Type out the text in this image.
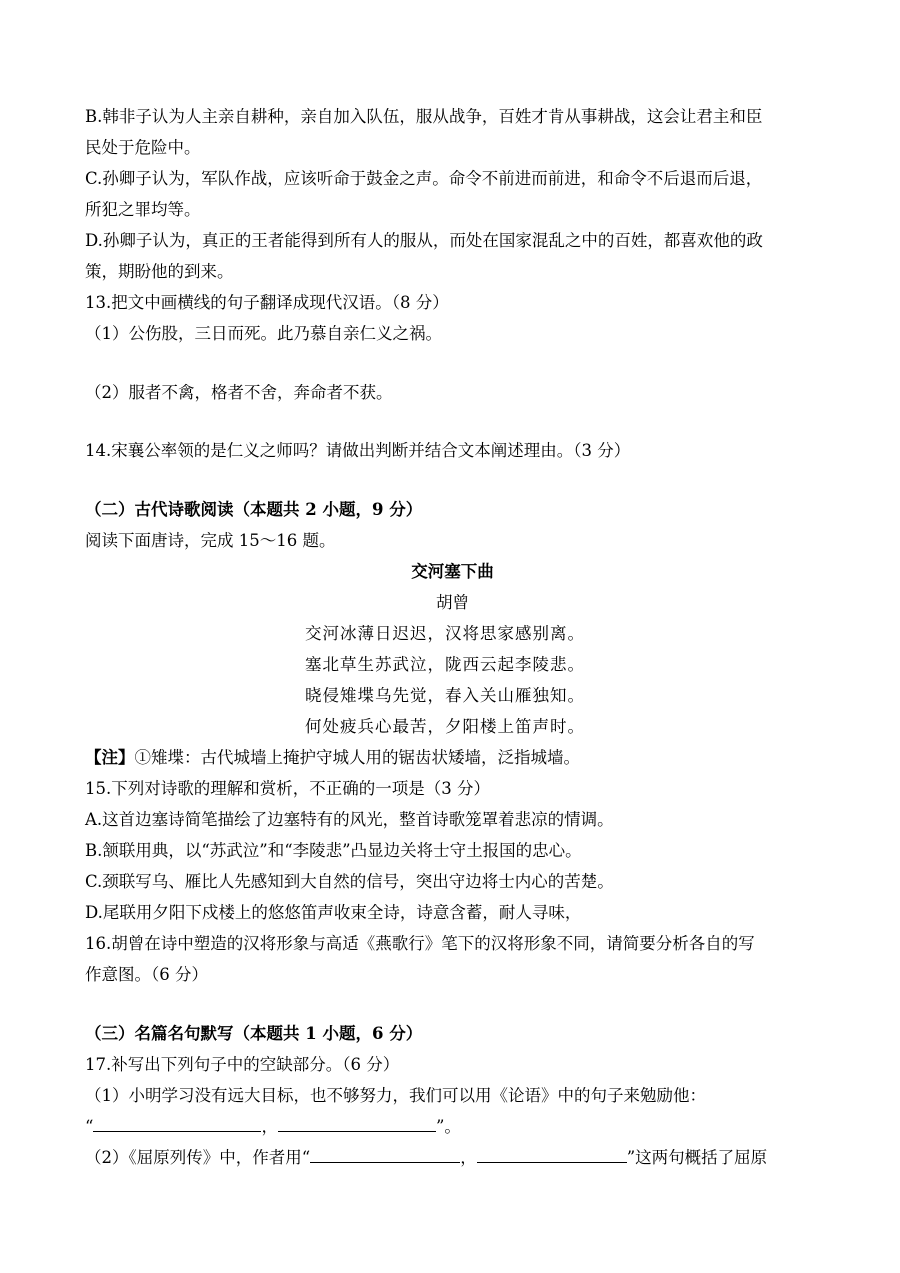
B.韩非子认为人主亲自耕种，亲自加入队伍，服从战争，百姓才肯从事耕战，这会让君主和臣
民处于危险中。
C.孙卿子认为，军队作战，应该听命于鼓金之声。命令不前进而前进，和命令不后退而后退，
所犯之罪均等。
D.孙卿子认为，真正的王者能得到所有人的服从，而处在国家混乱之中的百姓，都喜欢他的政
策，期盼他的到来。
13.把文中画横线的句子翻译成现代汉语。（8 分）
（1）公伤股，三日而死。此乃慕自亲仁义之祸。
（2）服者不禽，格者不舍，奔命者不获。
14.宋襄公率领的是仁义之师吗？请做出判断并结合文本阐述理由。（3 分）
（二）古代诗歌阅读（本题共 2 小题，9 分）
阅读下面唐诗，完成 15～16 题。
交河塞下曲
胡曾
交河冰薄日迟迟，汉将思家感别离。
塞北草生苏武泣，陇西云起李陵悲。
晓侵雉堞乌先觉，春入关山雁独知。
何处疲兵心最苦，夕阳楼上笛声时。
【注】①雉堞：古代城墙上掩护守城人用的锯齿状矮墙，泛指城墙。
15.下列对诗歌的理解和赏析，不正确的一项是（3 分）
A.这首边塞诗简笔描绘了边塞特有的风光，整首诗歌笼罩着悲凉的情调。
B.颔联用典，以“苏武泣”和“李陵悲”凸显边关将士守土报国的忠心。
C.颈联写乌、雁比人先感知到大自然的信号，突出守边将士内心的苦楚。
D.尾联用夕阳下戍楼上的悠悠笛声收束全诗，诗意含蓄，耐人寻味，
16.胡曾在诗中塑造的汉将形象与高适《燕歌行》笔下的汉将形象不同，请简要分析各自的写
作意图。（6 分）
（三）名篇名句默写（本题共 1 小题，6 分）
17.补写出下列句子中的空缺部分。（6 分）
（1）小明学习没有远大目标，也不够努力，我们可以用《论语》中的句子来勉励他：
“	，	”。
（2）《屈原列传》中，作者用“	，	”这两句概括了屈原
